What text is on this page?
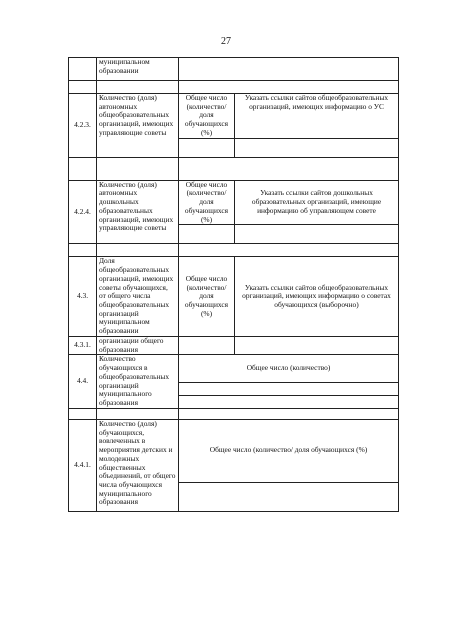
27
	муниципальном образовании		

4.2.3.	Количество (доля) автономных общеобразовательных организаций, имеющих управляющие советы	Общее число (количество/ доля обучающихся (%)	Указать ссылки сайтов общеобразовательных организаций, имеющих информацию о УС

4.2.4.	Количество (доля) автономных дошкольных образовательных организаций, имеющих управляющие советы	Общее число (количество/ доля обучающихся (%)	Указать ссылки сайтов дошкольных образовательных организаций, имеющие информацию об управляющем совете

4.3.	Доля общеобразовательных организаций, имеющих советы обучающихся, от общего числа общеобразовательных организаций муниципальном образовании	Общее число (количество/ доля обучающихся (%)	Указать ссылки сайтов общеобразовательных организаций, имеющих информацию о советах обучающихся (выборочно)
4.3.1.	организации общего образования		
4.4.	Количество обучающихся в общеобразовательных организаций муниципального образования	Общее число (количество)	

4.4.1.	Количество (доля) обучающихся, вовлеченных в мероприятия детских и молодежных общественных объединений, от общего числа обучающихся муниципального образования	Общее число (количество/ доля обучающихся (%)	
